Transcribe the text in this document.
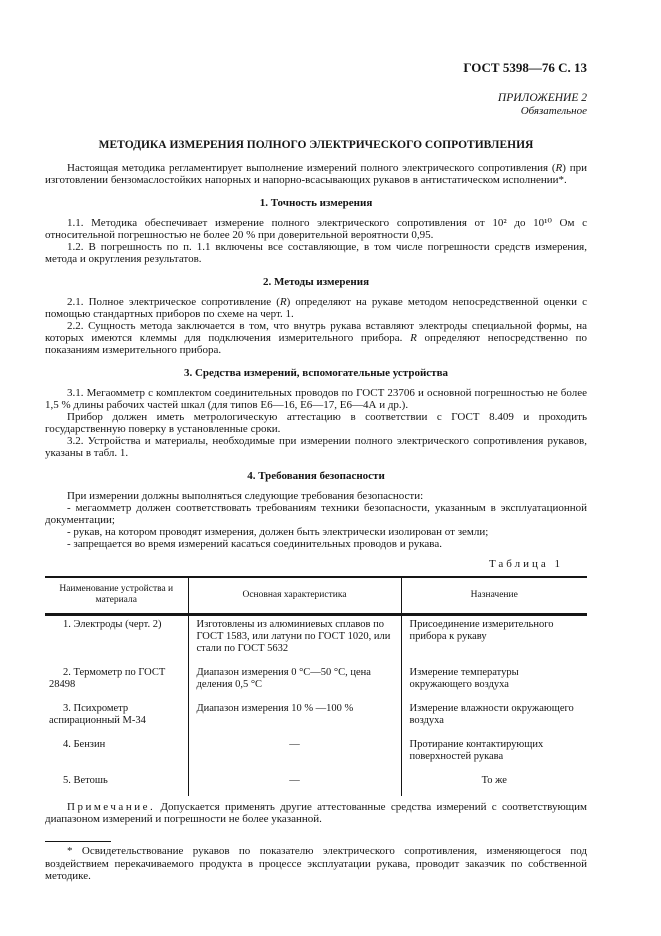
ГОСТ 5398—76 С. 13
ПРИЛОЖЕНИЕ 2
Обязательное
МЕТОДИКА ИЗМЕРЕНИЯ ПОЛНОГО ЭЛЕКТРИЧЕСКОГО СОПРОТИВЛЕНИЯ

Настоящая методика регламентирует выполнение измерений полного электрического сопротивления (R) при изготовлении бензомаслостойких напорных и напорно-всасывающих рукавов в антистатическом исполнении*.

1. Точность измерения

1.1. Методика обеспечивает измерение полного электрического сопротивления от 10² до 10¹⁰ Ом с относительной погрешностью не более 20 % при доверительной вероятности 0,95.

1.2. В погрешность по п. 1.1 включены все составляющие, в том числе погрешности средств измерения, метода и округления результатов.

2. Методы измерения

2.1. Полное электрическое сопротивление (R) определяют на рукаве методом непосредственной оценки с помощью стандартных приборов по схеме на черт. 1.

2.2. Сущность метода заключается в том, что внутрь рукава вставляют электроды специальной формы, на которых имеются клеммы для подключения измерительного прибора. R определяют непосредственно по показаниям измерительного прибора.

3. Средства измерений, вспомогательные устройства

3.1. Мегаомметр с комплектом соединительных проводов по ГОСТ 23706 и основной погрешностью не более 1,5 % длины рабочих частей шкал (для типов Е6—16, Е6—17, Е6—4А и др.).

Прибор должен иметь метрологическую аттестацию в соответствии с ГОСТ 8.409 и проходить государственную поверку в установленные сроки.

3.2. Устройства и материалы, необходимые при измерении полного электрического сопротивления рукавов, указаны в табл. 1.

4. Требования безопасности

При измерении должны выполняться следующие требования безопасности:

- мегаомметр должен соответствовать требованиям техники безопасности, указанным в эксплуатационной документации;

- рукав, на котором проводят измерения, должен быть электрически изолирован от земли;

- запрещается во время измерений касаться соединительных проводов и рукава.

Таблица 1
Наименование устройства и материала	Основная характеристика	Назначение
1. Электроды (черт. 2)	Изготовлены из алюминиевых сплавов по ГОСТ 1583, или латуни по ГОСТ 1020, или стали по ГОСТ 5632	Присоединение измерительного прибора к рукаву
2. Термометр по ГОСТ 28498	Диапазон измерения 0 °С—50 °С, цена деления 0,5 °С	Измерение температуры окружающего воздуха
3. Психрометр аспирационный М-34	Диапазон измерения 10 % —100 %	Измерение влажности окружающего воздуха
4. Бензин	—	Протирание контактирующих поверхностей рукава
5. Ветошь	—	То же

Примечание. Допускается применять другие аттестованные средства измерений с соответствующим диапазоном измерений и погрешности не более указанной.

* Освидетельствование рукавов по показателю электрического сопротивления, изменяющегося под воздействием перекачиваемого продукта в процессе эксплуатации рукава, проводит заказчик по собственной методике.
